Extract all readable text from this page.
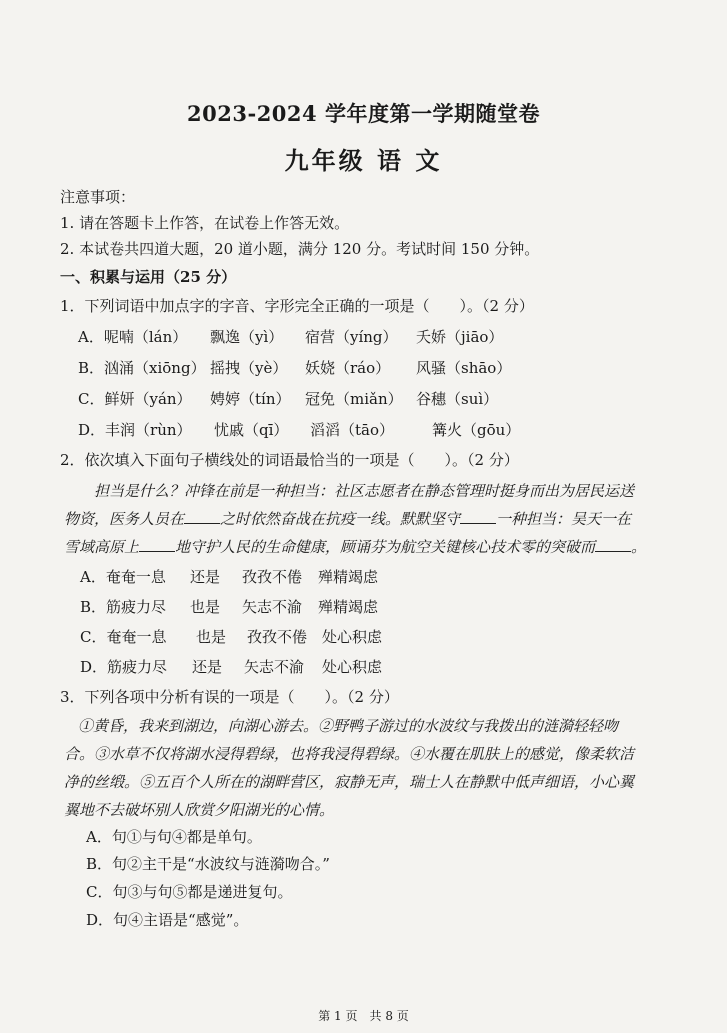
2023-2024 学年度第一学期随堂卷
九年级 语 文
注意事项：
1. 请在答题卡上作答，在试卷上作答无效。
2. 本试卷共四道大题，20 道小题，满分 120 分。考试时间 150 分钟。
一、积累与运用（25 分）
1．下列词语中加点字的字音、字形完全正确的一项是（　　）。（2 分）
A．呢喃（lán） 飘逸（yì） 宿营（yíng） 夭娇（jiāo）
B．汹涌（xiōng） 摇拽（yè） 妖娆（ráo） 风骚（shāo）
C．鲜妍（yán） 娉婷（tín） 冠免（miǎn） 谷穗（suì）
D．丰润（rùn） 忧戚（qī） 滔滔（tāo）	篝火（gōu）
2．依次填入下面句子横线处的词语最恰当的一项是（　　）。（2 分）
担当是什么？冲锋在前是一种担当：社区志愿者在静态管理时挺身而出为居民运送
物资，医务人员在 之时依然奋战在抗疫一线。默默坚守 一种担当：吴天一在
雪域高原上 地守护人民的生命健康，顾诵芬为航空关键核心技术零的突破而 。
A．奄奄一息 还是 孜孜不倦 殚精竭虑
B．筋疲力尽 也是 矢志不渝 殚精竭虑
C．奄奄一息 也是 孜孜不倦 处心积虑
D．筋疲力尽 还是 矢志不渝 处心积虑
3．下列各项中分析有误的一项是（　　）。（2 分）
①黄昏，我来到湖边，向湖心游去。②野鸭子游过的水波纹与我拨出的涟漪轻轻吻
合。③水草不仅将湖水浸得碧绿，也将我浸得碧绿。④水覆在肌肤上的感觉，像柔软洁
净的丝缎。⑤五百个人所在的湖畔营区，寂静无声，瑞士人在静默中低声细语，小心翼
翼地不去破坏别人欣赏夕阳湖光的心情。
A．句①与句④都是单句。
B．句②主干是“水波纹与涟漪吻合。”
C．句③与句⑤都是递进复句。
D．句④主语是“感觉”。
第 1 页　共 8 页
